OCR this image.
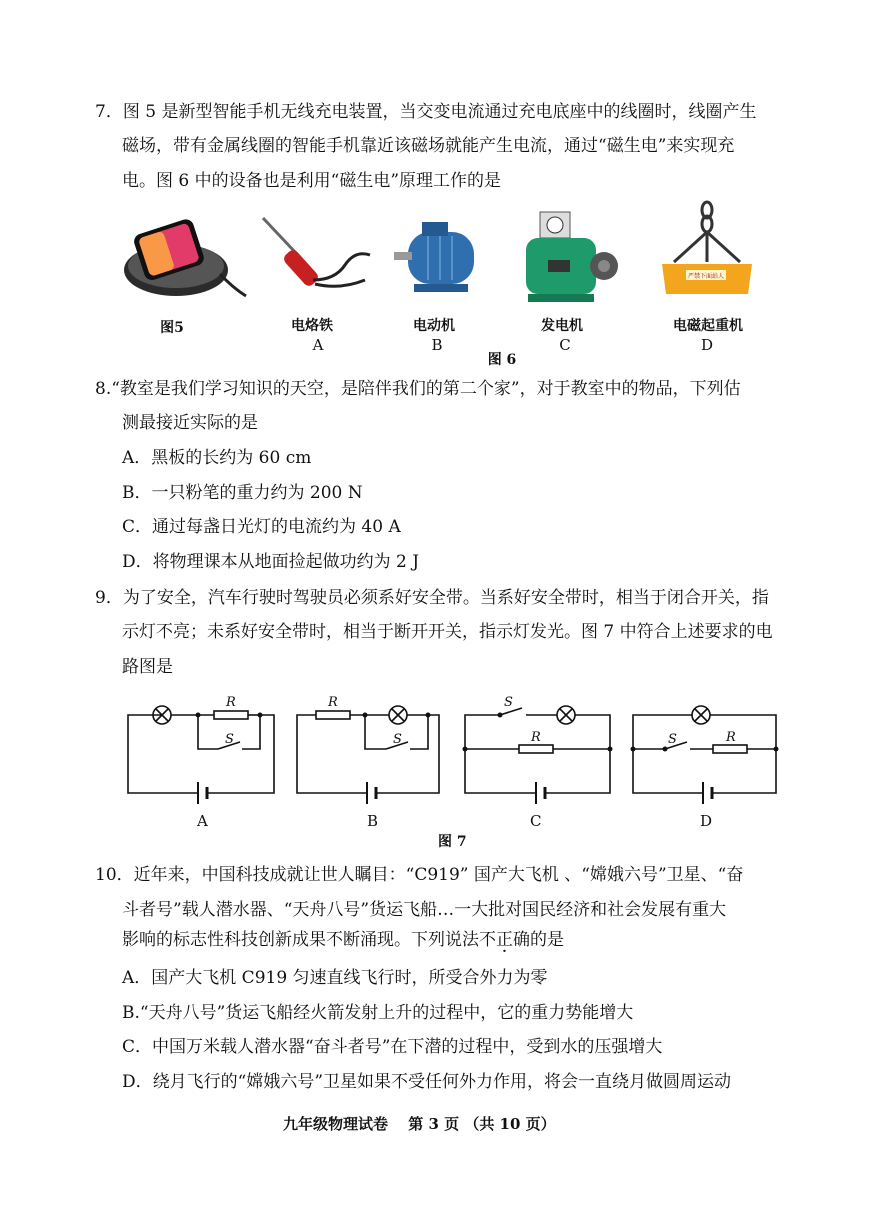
7．图 5 是新型智能手机无线充电装置，当交变电流通过充电底座中的线圈时，线圈产生
磁场，带有金属线圈的智能手机靠近该磁场就能产生电流，通过“磁生电”来实现充
电。图 6 中的设备也是利用“磁生电”原理工作的是
严禁下面站人
图5	电烙铁	电动机	发电机	电磁起重机
A	B	C	D
图 6
8.“教室是我们学习知识的天空，是陪伴我们的第二个家”，对于教室中的物品，下列估
测最接近实际的是
A．黑板的长约为 60 cm
B．一只粉笔的重力约为 200 N
C．通过每盏日光灯的电流约为 40 A
D．将物理课本从地面捡起做功约为 2 J
9．为了安全，汽车行驶时驾驶员必须系好安全带。当系好安全带时，相当于闭合开关，指
示灯不亮；未系好安全带时，相当于断开开关，指示灯发光。图 7 中符合上述要求的电
路图是
R
S
R
S
S
R	S	R
A	B	C	D
图 7
10．近年来，中国科技成就让世人瞩目：“C919” 国产大飞机 、“嫦娥六号”卫星、“奋
斗者号”载人潜水器、“天舟八号”货运飞船…一大批对国民经济和社会发展有重大
影响的标志性科技创新成果不断涌现。下列说法不正确的是
A．国产大飞机 C919 匀速直线飞行时，所受合外力为零
B.“天舟八号”货运飞船经火箭发射上升的过程中，它的重力势能增大
C．中国万米载人潜水器“奋斗者号”在下潜的过程中，受到水的压强增大
D．绕月飞行的“嫦娥六号”卫星如果不受任何外力作用，将会一直绕月做圆周运动
九年级物理试卷　 第 3 页 （共 10 页）
